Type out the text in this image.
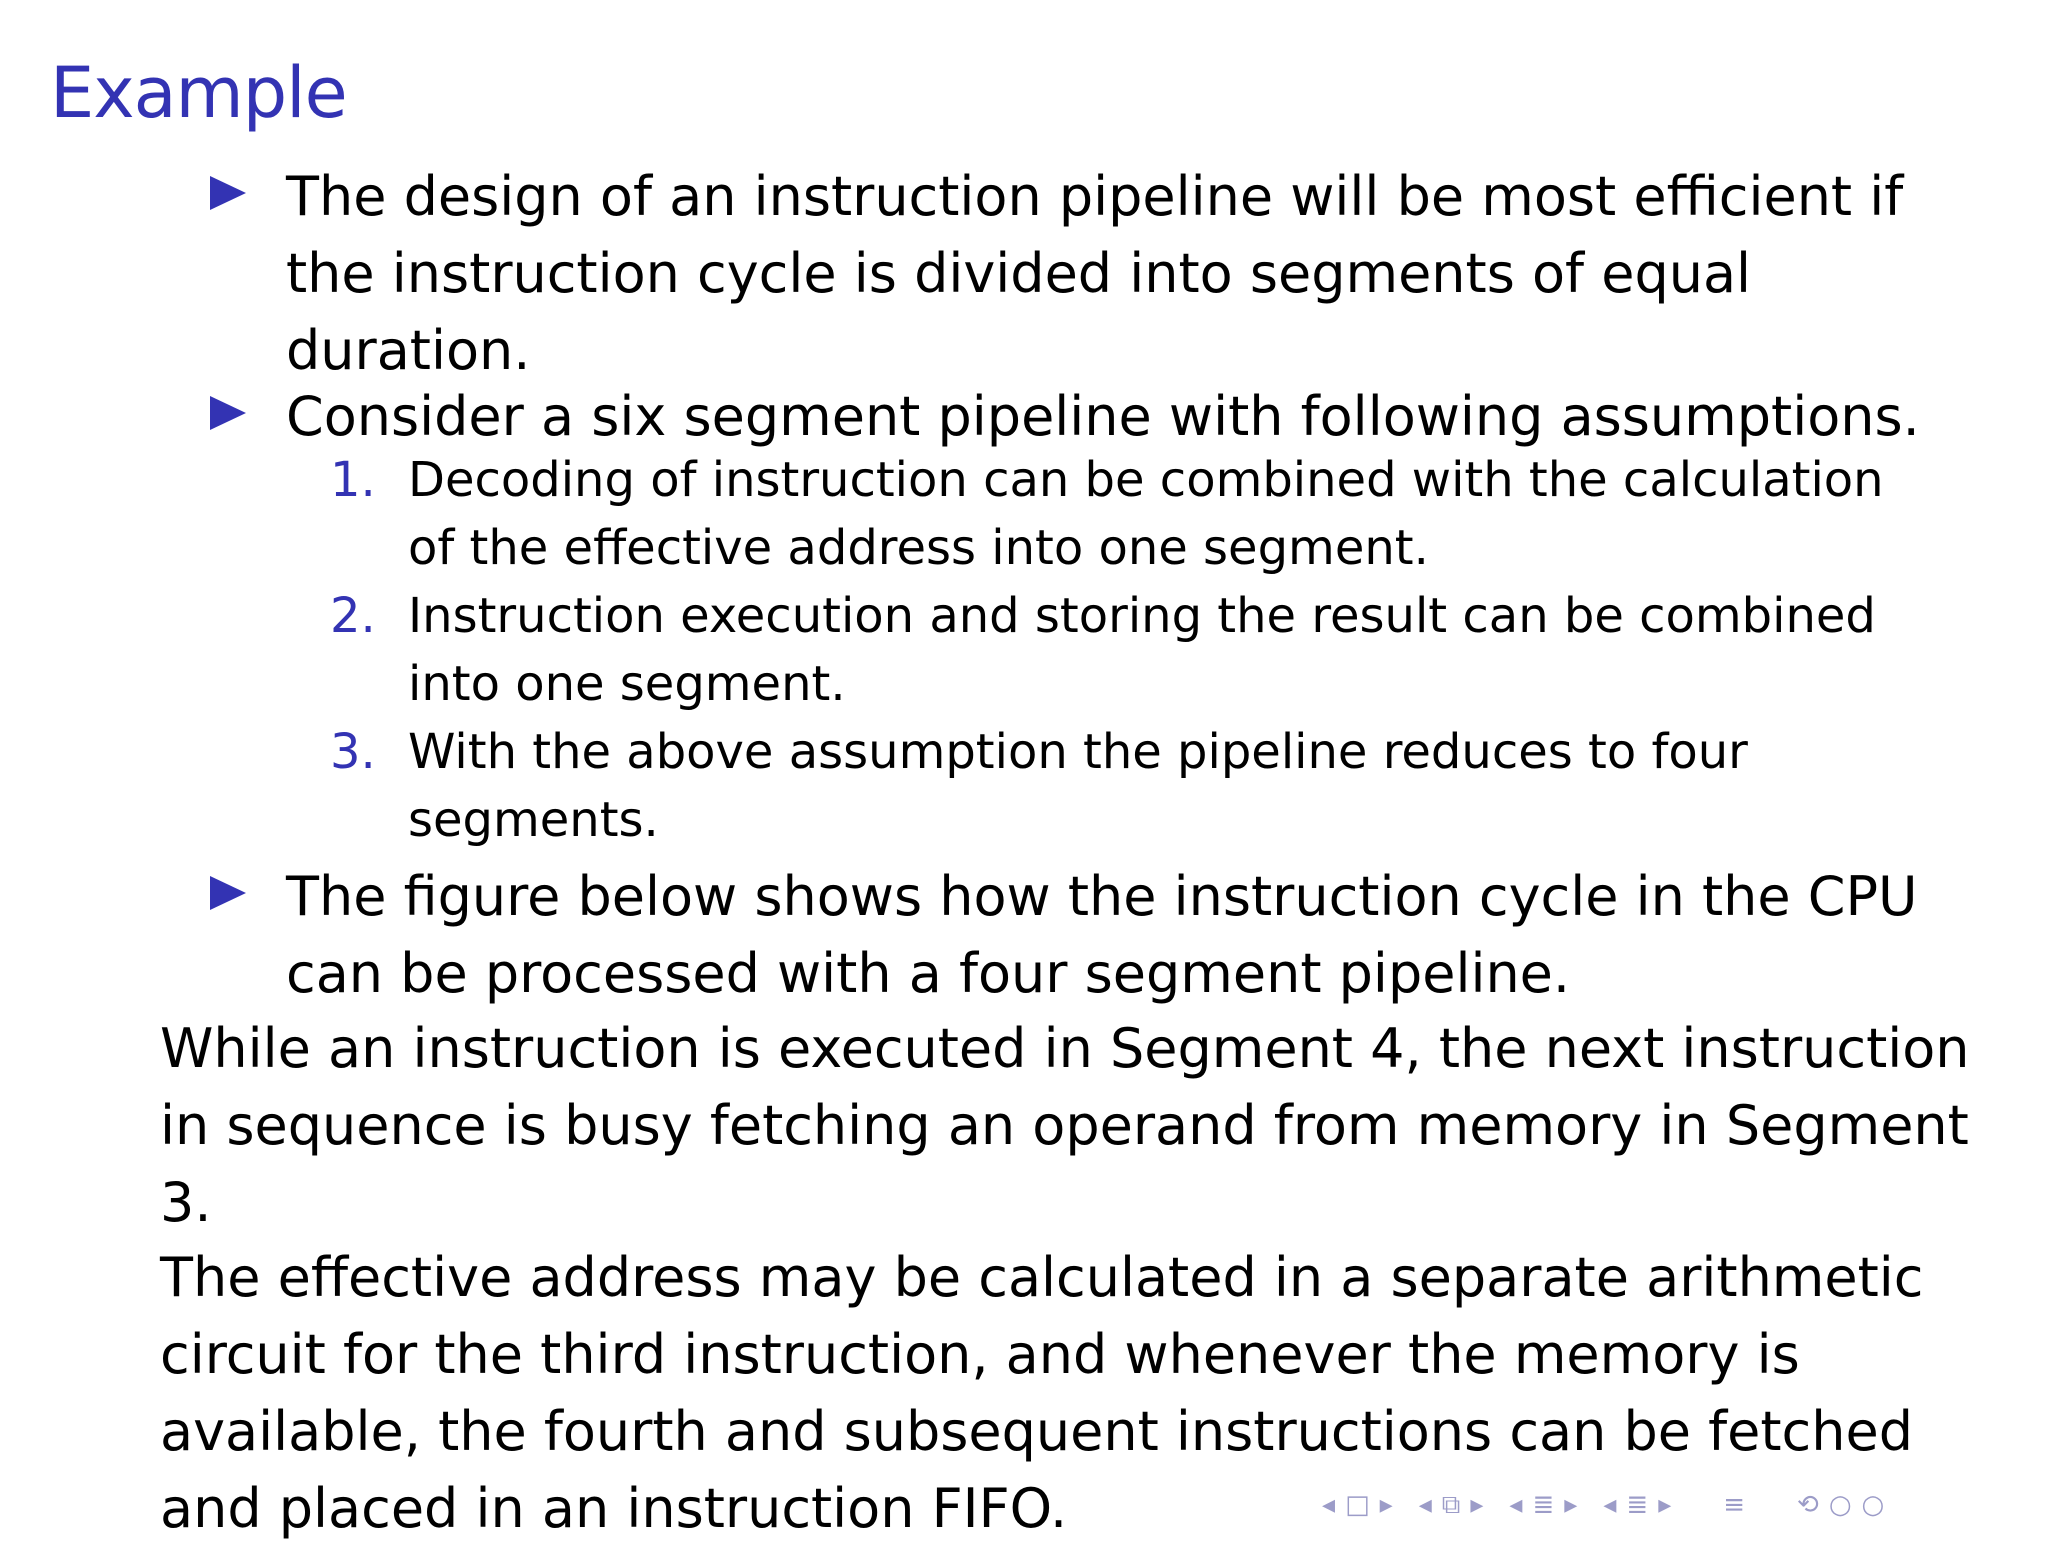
Example
The design of an instruction pipeline will be most efficient if
the instruction cycle is divided into segments of equal
duration.
Consider a six segment pipeline with following assumptions.
1. Decoding of instruction can be combined with the calculation
of the effective address into one segment.
2. Instruction execution and storing the result can be combined
into one segment.
3. With the above assumption the pipeline reduces to four
segments.
The figure below shows how the instruction cycle in the CPU
can be processed with a four segment pipeline.
While an instruction is executed in Segment 4, the next instruction
in sequence is busy fetching an operand from memory in Segment
3.
The effective address may be calculated in a separate arithmetic
circuit for the third instruction, and whenever the memory is
available, the fourth and subsequent instructions can be fetched
and placed in an instruction FIFO.	◂ □ ▸ ◂ ⧉ ▸ ◂ ≣ ▸ ◂ ≣ ▸ ≡ ⟲ ○ ○
